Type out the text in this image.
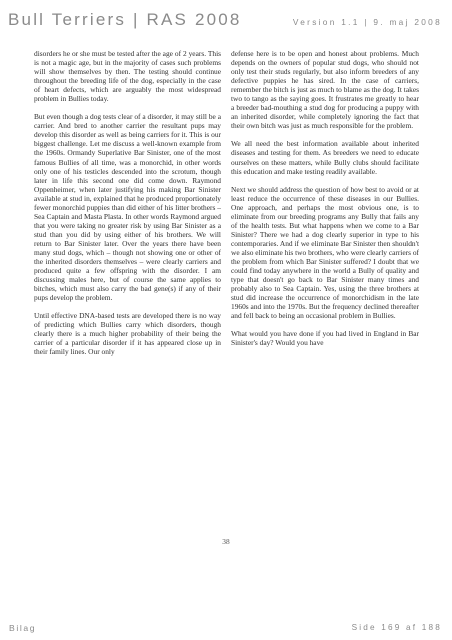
Bull Terriers | RAS 2008	Version 1.1 | 9. maj 2008

disorders he or she must be tested after the age of 2 years. This is not a magic age, but in the majority of cases such problems will show themselves by then. The testing should continue throughout the breeding life of the dog, especially in the case of heart defects, which are arguably the most widespread problem in Bullies today.

But even though a dog tests clear of a disorder, it may still be a carrier. And bred to another carrier the resultant pups may develop this disorder as well as being carriers for it. This is our biggest challenge. Let me discuss a well-known example from the 1960s. Ormandy Superlative Bar Sinister, one of the most famous Bullies of all time, was a monorchid, in other words only one of his testicles descended into the scrotum, though later in life this second one did come down. Raymond Oppenheimer, when later justifying his making Bar Sinister available at stud in, explained that he produced proportionately fewer monorchid puppies than did either of his litter brothers – Sea Captain and Masta Plasta. In other words Raymond argued that you were taking no greater risk by using Bar Sinister as a stud than you did by using either of his brothers. We will return to Bar Sinister later. Over the years there have been many stud dogs, which – though not showing one or other of the inherited disorders themselves – were clearly carriers and produced quite a few offspring with the disorder. I am discussing males here, but of course the same applies to bitches, which must also carry the bad gene(s) if any of their pups develop the problem.

Until effective DNA-based tests are developed there is no way of predicting which Bullies carry which disorders, though clearly there is a much higher probability of their being the carrier of a particular disorder if it has appeared close up in their family lines. Our only

defense here is to be open and honest about problems. Much depends on the owners of popular stud dogs, who should not only test their studs regularly, but also inform breeders of any defective puppies he has sired. In the case of carriers, remember the bitch is just as much to blame as the dog. It takes two to tango as the saying goes. It frustrates me greatly to hear a breeder bad-mouthing a stud dog for producing a puppy with an inherited disorder, while completely ignoring the fact that their own bitch was just as much responsible for the problem.

We all need the best information available about inherited diseases and testing for them. As breeders we need to educate ourselves on these matters, while Bully clubs should facilitate this education and make testing readily available.

Next we should address the question of how best to avoid or at least reduce the occurrence of these diseases in our Bullies. One approach, and perhaps the most obvious one, is to eliminate from our breeding programs any Bully that fails any of the health tests. But what happens when we come to a Bar Sinister? There we had a dog clearly superior in type to his contemporaries. And if we eliminate Bar Sinister then shouldn't we also eliminate his two brothers, who were clearly carriers of the problem from which Bar Sinister suffered? I doubt that we could find today anywhere in the world a Bully of quality and type that doesn't go back to Bar Sinister many times and probably also to Sea Captain. Yes, using the three brothers at stud did increase the occurrence of monorchidism in the late 1960s and into the 1970s. But the frequency declined thereafter and fell back to being an occasional problem in Bullies.

What would you have done if you had lived in England in Bar Sinister's day? Would you have

38
Bilag	Side 169 af 188
